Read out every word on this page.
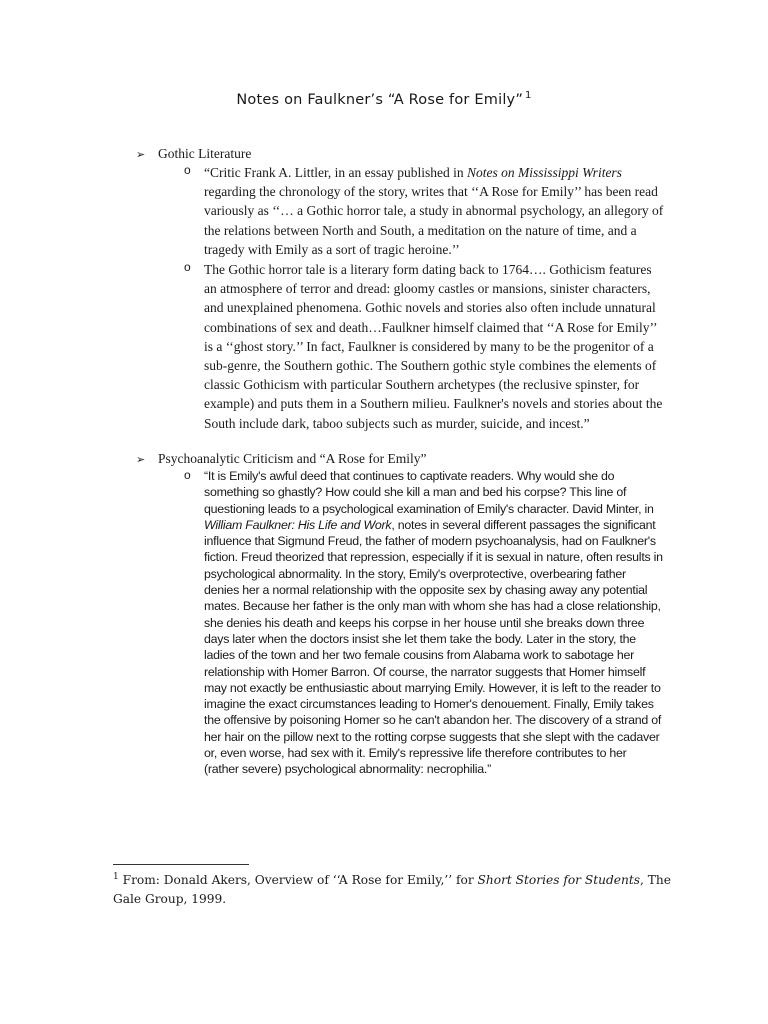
Notes on Faulkner’s “A Rose for Emily” $^1$
➢ Gothic Literature
o “Critic Frank A. Littler, in an essay published in Notes on Mississippi Writers regarding the chronology of the story, writes that ‘‘A Rose for Emily’’ has been read variously as ‘‘… a Gothic horror tale, a study in abnormal psychology, an allegory of the relations between North and South, a meditation on the nature of time, and a tragedy with Emily as a sort of tragic heroine.’’
o The Gothic horror tale is a literary form dating back to 1764…. Gothicism features an atmosphere of terror and dread: gloomy castles or mansions, sinister characters, and unexplained phenomena. Gothic novels and stories also often include unnatural combinations of sex and death…Faulkner himself claimed that ‘‘A Rose for Emily’’ is a ‘‘ghost story.’’ In fact, Faulkner is considered by many to be the progenitor of a sub-genre, the Southern gothic. The Southern gothic style combines the elements of classic Gothicism with particular Southern archetypes (the reclusive spinster, for example) and puts them in a Southern milieu. Faulkner's novels and stories about the South include dark, taboo subjects such as murder, suicide, and incest.”
➢ Psychoanalytic Criticism and “A Rose for Emily”
o “It is Emily's awful deed that continues to captivate readers. Why would she do something so ghastly? How could she kill a man and bed his corpse? This line of questioning leads to a psychological examination of Emily's character. David Minter, in William Faulkner: His Life and Work, notes in several different passages the significant influence that Sigmund Freud, the father of modern psychoanalysis, had on Faulkner's fiction. Freud theorized that repression, especially if it is sexual in nature, often results in psychological abnormality. In the story, Emily's overprotective, overbearing father denies her a normal relationship with the opposite sex by chasing away any potential mates. Because her father is the only man with whom she has had a close relationship, she denies his death and keeps his corpse in her house until she breaks down three days later when the doctors insist she let them take the body. Later in the story, the ladies of the town and her two female cousins from Alabama work to sabotage her relationship with Homer Barron. Of course, the narrator suggests that Homer himself may not exactly be enthusiastic about marrying Emily. However, it is left to the reader to imagine the exact circumstances leading to Homer's denouement. Finally, Emily takes the offensive by poisoning Homer so he can't abandon her. The discovery of a strand of her hair on the pillow next to the rotting corpse suggests that she slept with the cadaver or, even worse, had sex with it. Emily's repressive life therefore contributes to her (rather severe) psychological abnormality: necrophilia.”
$^1$ From: Donald Akers, Overview of ‘‘A Rose for Emily,’’ for Short Stories for Students, The Gale Group, 1999.
